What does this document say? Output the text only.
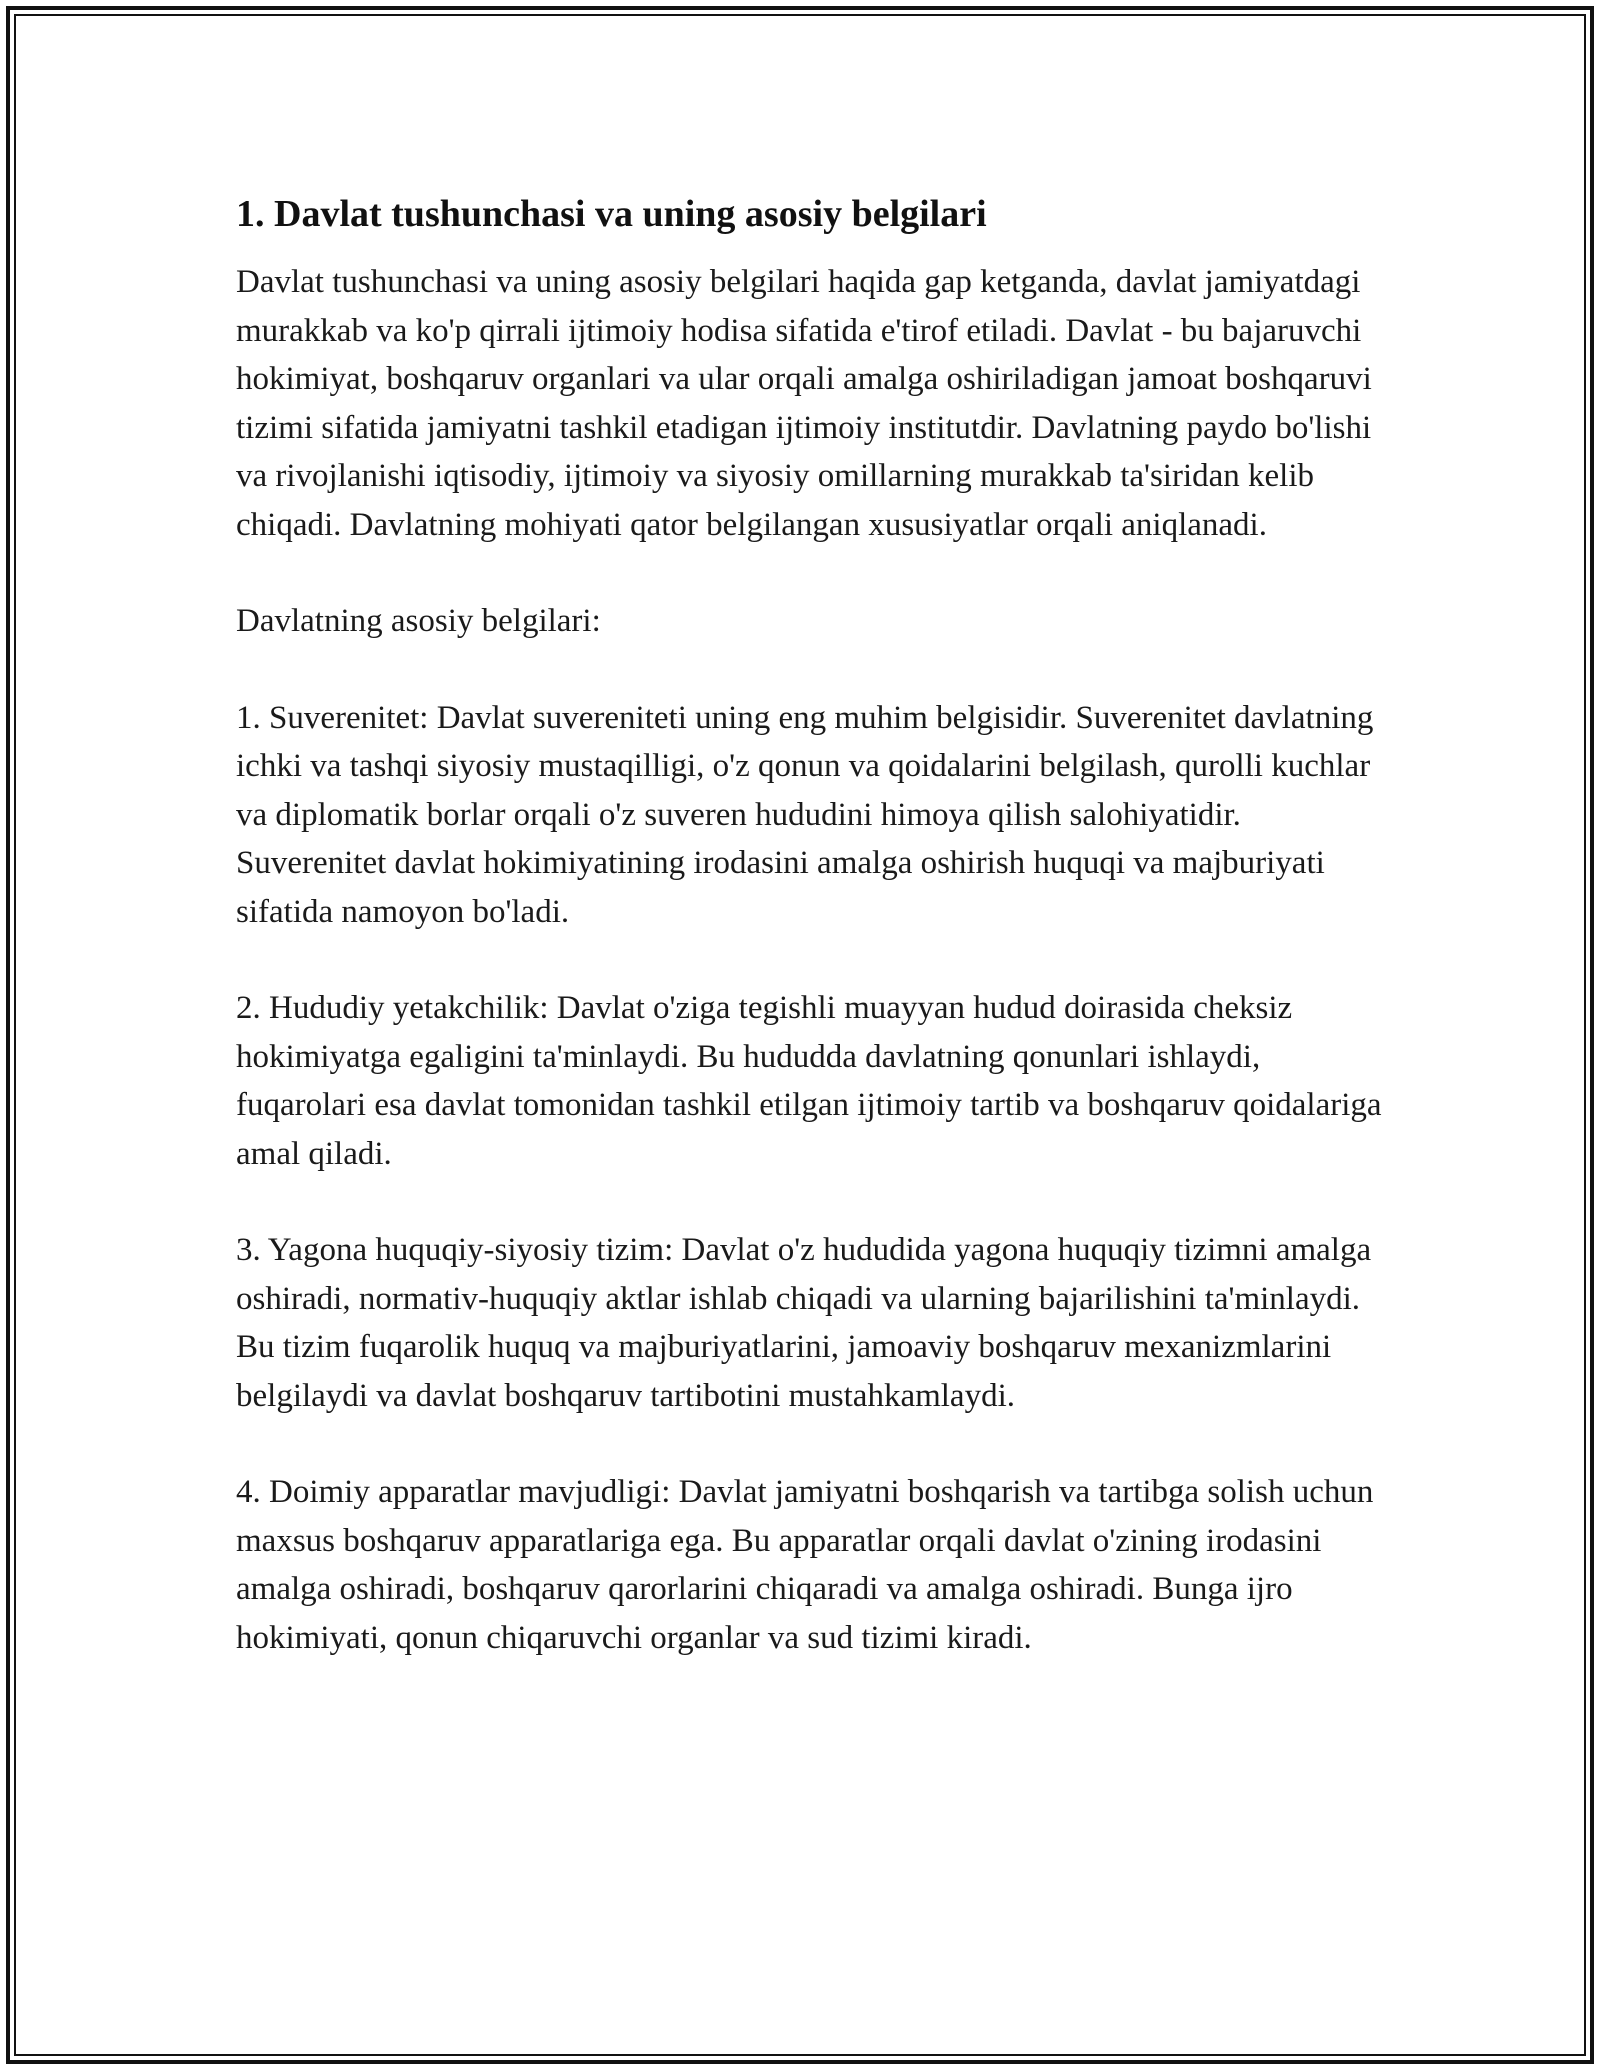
1. Davlat tushunchasi va uning asosiy belgilari

Davlat tushunchasi va uning asosiy belgilari haqida gap ketganda, davlat jamiyatdagi murakkab va ko'p qirrali ijtimoiy hodisa sifatida e'tirof etiladi. Davlat - bu bajaruvchi hokimiyat, boshqaruv organlari va ular orqali amalga oshiriladigan jamoat boshqaruvi tizimi sifatida jamiyatni tashkil etadigan ijtimoiy institutdir. Davlatning paydo bo'lishi va rivojlanishi iqtisodiy, ijtimoiy va siyosiy omillarning murakkab ta'siridan kelib chiqadi. Davlatning mohiyati qator belgilangan xususiyatlar orqali aniqlanadi.

Davlatning asosiy belgilari:

1. Suverenitet: Davlat suvereniteti uning eng muhim belgisidir. Suverenitet davlatning ichki va tashqi siyosiy mustaqilligi, o'z qonun va qoidalarini belgilash, qurolli kuchlar va diplomatik borlar orqali o'z suveren hududini himoya qilish salohiyatidir. Suverenitet davlat hokimiyatining irodasini amalga oshirish huquqi va majburiyati sifatida namoyon bo'ladi.

2. Hududiy yetakchilik: Davlat o'ziga tegishli muayyan hudud doirasida cheksiz hokimiyatga egaligini ta'minlaydi. Bu hududda davlatning qonunlari ishlaydi, fuqarolari esa davlat tomonidan tashkil etilgan ijtimoiy tartib va boshqaruv qoidalariga amal qiladi.

3. Yagona huquqiy-siyosiy tizim: Davlat o'z hududida yagona huquqiy tizimni amalga oshiradi, normativ-huquqiy aktlar ishlab chiqadi va ularning bajarilishini ta'minlaydi. Bu tizim fuqarolik huquq va majburiyatlarini, jamoaviy boshqaruv mexanizmlarini belgilaydi va davlat boshqaruv tartibotini mustahkamlaydi.

4. Doimiy apparatlar mavjudligi: Davlat jamiyatni boshqarish va tartibga solish uchun maxsus boshqaruv apparatlariga ega. Bu apparatlar orqali davlat o'zining irodasini amalga oshiradi, boshqaruv qarorlarini chiqaradi va amalga oshiradi. Bunga ijro hokimiyati, qonun chiqaruvchi organlar va sud tizimi kiradi.
